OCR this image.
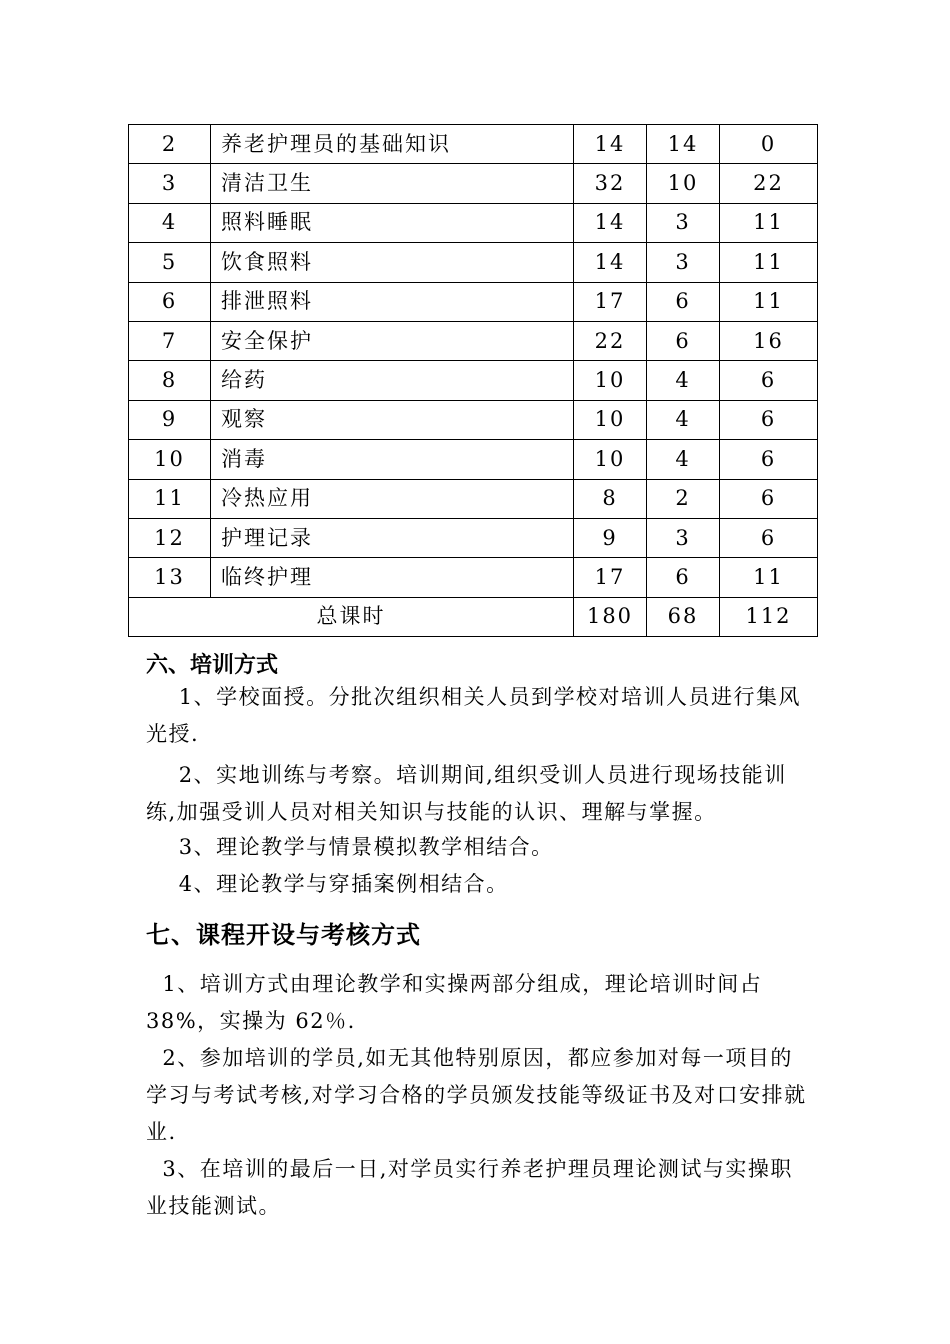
2	养老护理员的基础知识	14	14	0
3	清洁卫生	32	10	22
4	照料睡眠	14	3	11
5	饮食照料	14	3	11
6	排泄照料	17	6	11
7	安全保护	22	6	16
8	给药	10	4	6
9	观察	10	4	6
10	消毒	10	4	6
11	冷热应用	8	2	6
12	护理记录	9	3	6
13	临终护理	17	6	11
总课时		180	68	112
六、培训方式

1、学校面授。分批次组织相关人员到学校对培训人员进行集风光授.

2、实地训练与考察。培训期间,组织受训人员进行现场技能训练,加强受训人员对相关知识与技能的认识、理解与掌握。

3、理论教学与情景模拟教学相结合。

4、理论教学与穿插案例相结合。

七、课程开设与考核方式

1、培训方式由理论教学和实操两部分组成，理论培训时间占 38%，实操为 62％.

2、参加培训的学员,如无其他特别原因，都应参加对每一项目的学习与考试考核,对学习合格的学员颁发技能等级证书及对口安排就业.

3、在培训的最后一日,对学员实行养老护理员理论测试与实操职业技能测试。
